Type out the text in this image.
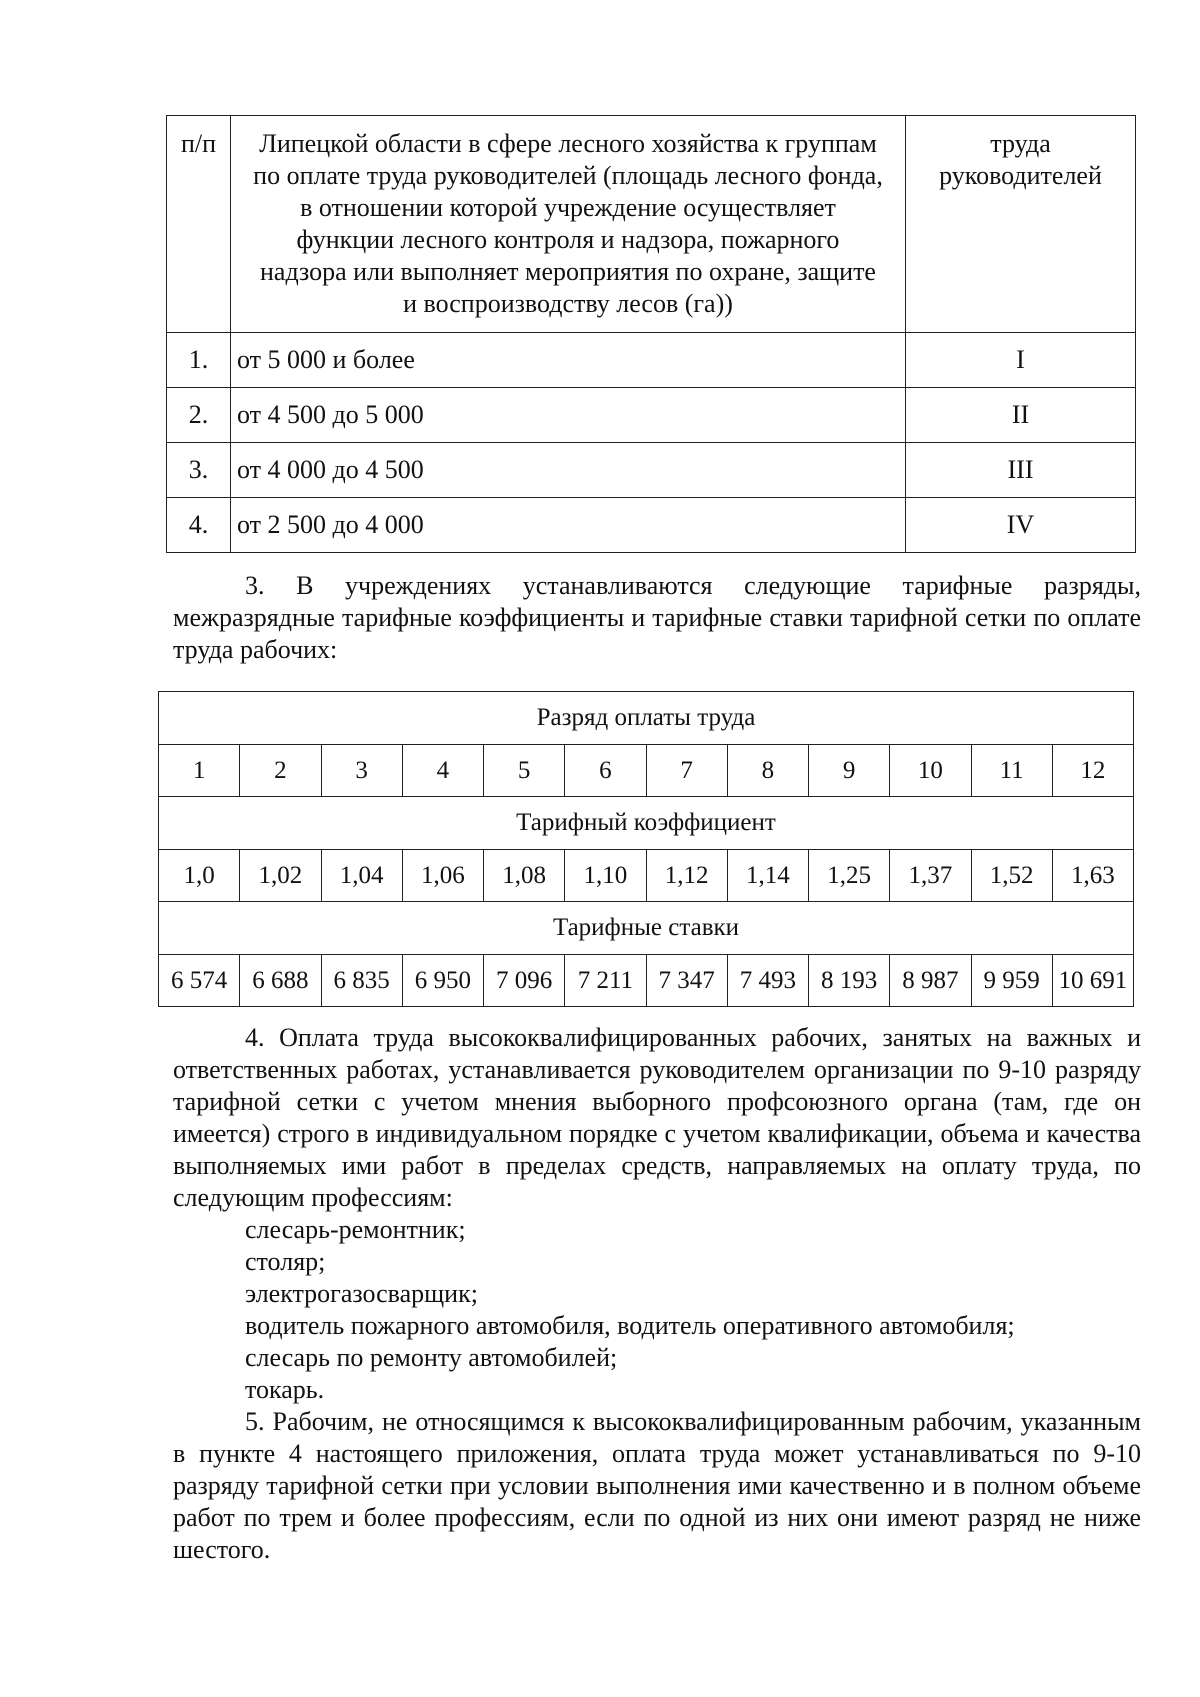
п/п	Липецкой области в сфере лесного хозяйства к группам по оплате труда руководителей (площадь лесного фонда, в отношении которой учреждение осуществляет функции лесного контроля и надзора, пожарного надзора или выполняет мероприятия по охране, защите и воспроизводству лесов (га))	труда руководителей
1.	от 5 000 и более	I
2.	от 4 500 до 5 000	II
3.	от 4 000 до 4 500	III
4.	от 2 500 до 4 000	IV

3. В учреждениях устанавливаются следующие тарифные разряды, межразрядные тарифные коэффициенты и тарифные ставки тарифной сетки по оплате труда рабочих:

Разряд оплаты труда											
1	2	3	4	5	6	7	8	9	10	11	12
Тарифный коэффициент											
1,0	1,02	1,04	1,06	1,08	1,10	1,12	1,14	1,25	1,37	1,52	1,63
Тарифные ставки											
6 574	6 688	6 835	6 950	7 096	7 211	7 347	7 493	8 193	8 987	9 959	10 691

4. Оплата труда высококвалифицированных рабочих, занятых на важных и ответственных работах, устанавливается руководителем организации по 9-10 разряду тарифной сетки с учетом мнения выборного профсоюзного органа (там, где он имеется) строго в индивидуальном порядке с учетом квалификации, объема и качества выполняемых ими работ в пределах средств, направляемых на оплату труда, по следующим профессиям:

слесарь-ремонтник;

столяр;

электрогазосварщик;

водитель пожарного автомобиля, водитель оперативного автомобиля;

слесарь по ремонту автомобилей;

токарь.

5. Рабочим, не относящимся к высококвалифицированным рабочим, указанным в пункте 4 настоящего приложения, оплата труда может устанавливаться по 9-10 разряду тарифной сетки при условии выполнения ими качественно и в полном объеме работ по трем и более профессиям, если по одной из них они имеют разряд не ниже шестого.
